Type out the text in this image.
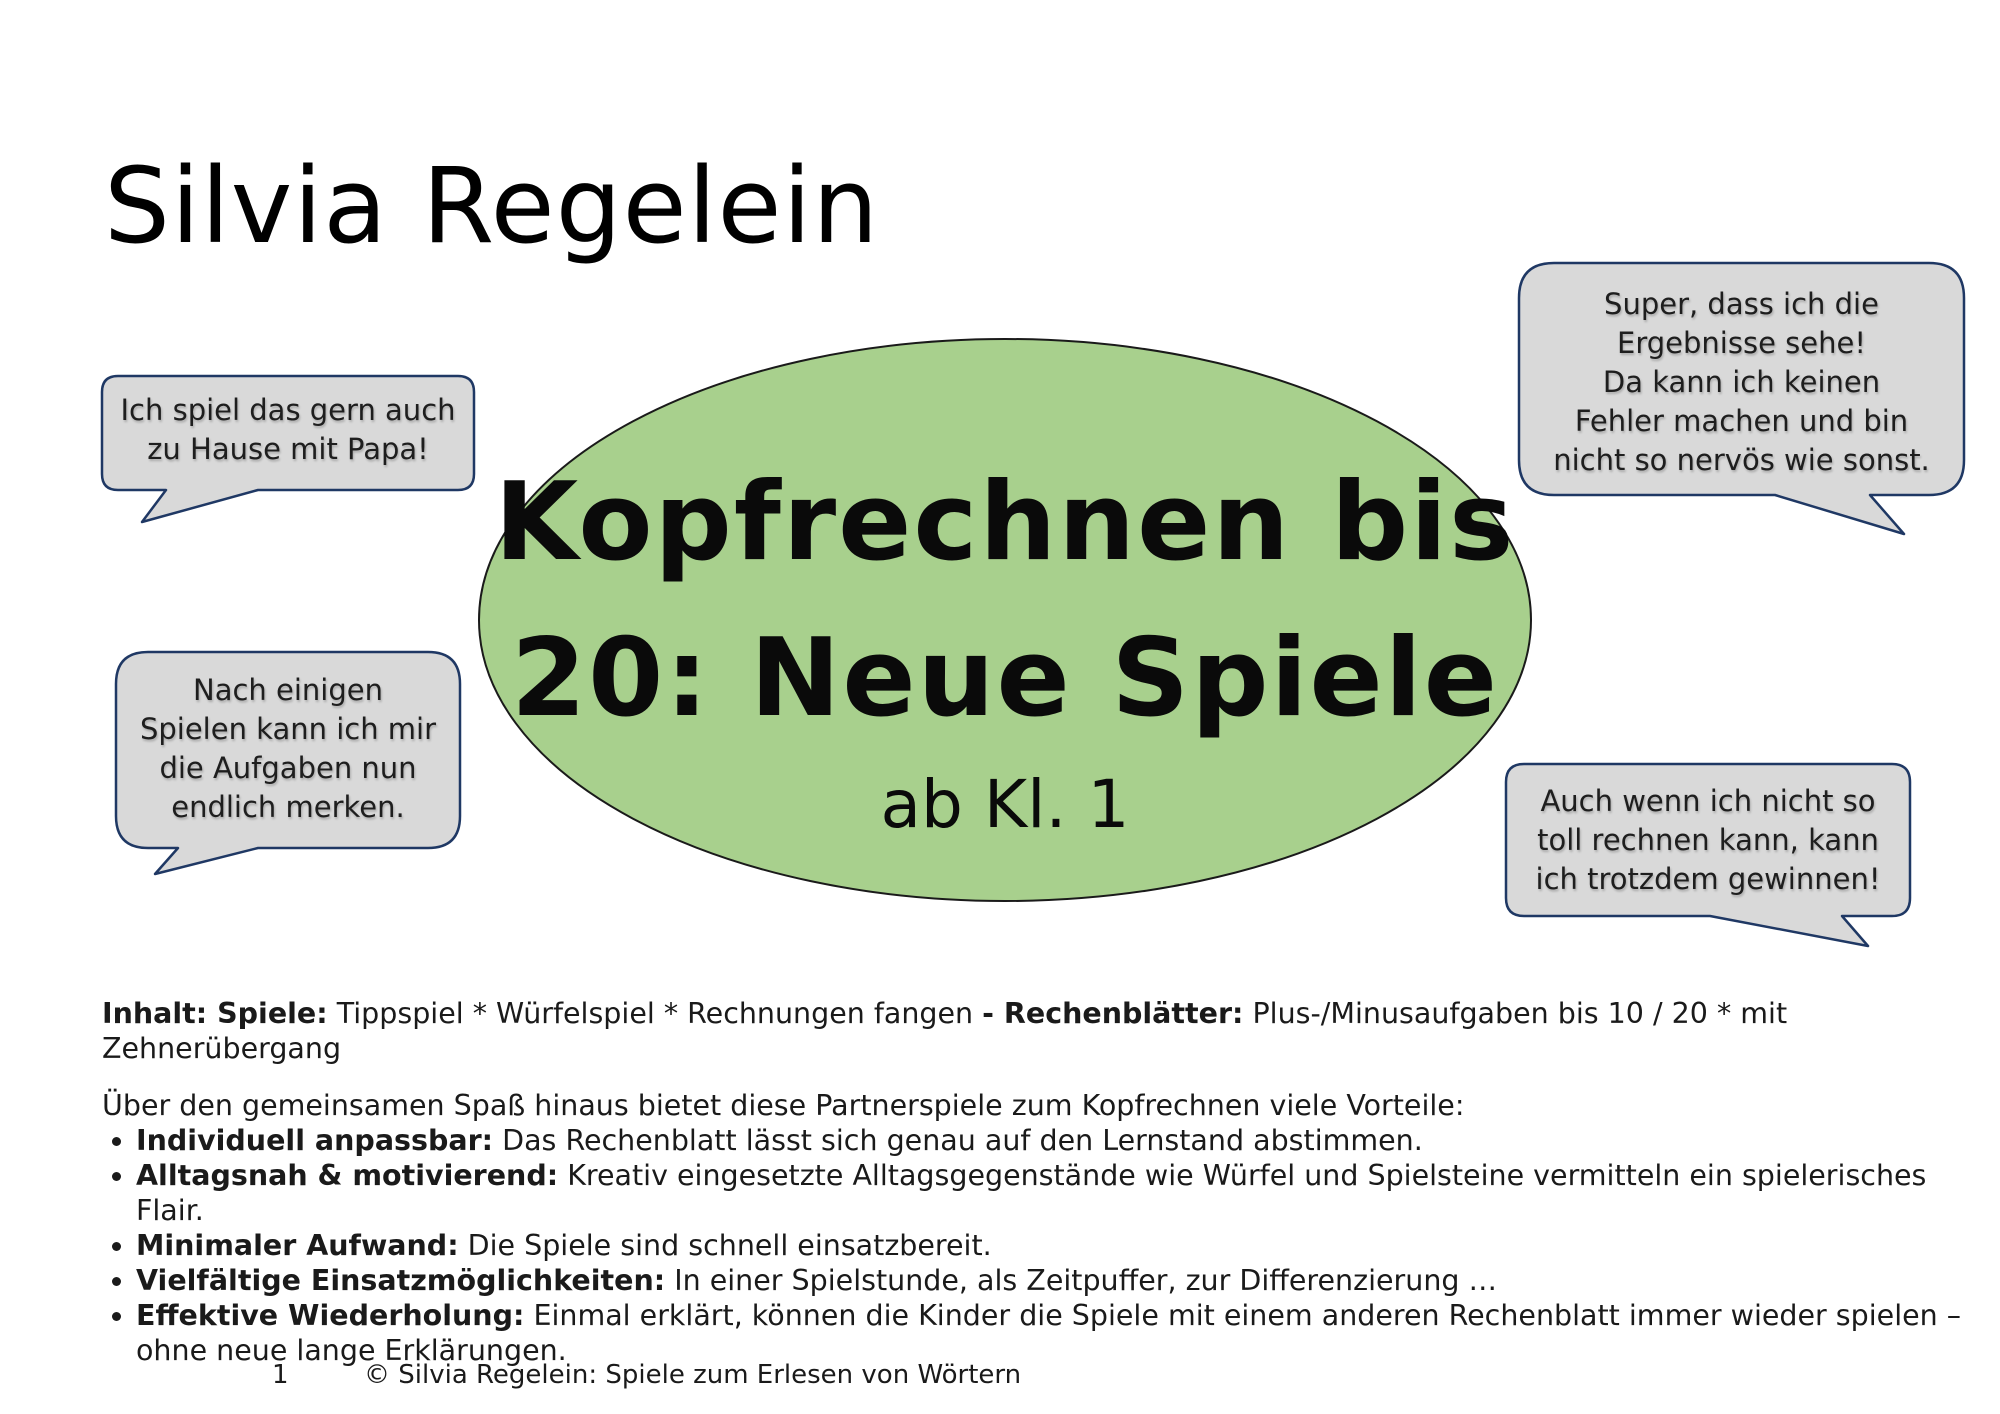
Silvia Regelein
Ich spiel das gern auch
zu Hause mit Papa!
Nach einigen
Spielen kann ich mir
die Aufgaben nun
endlich merken.
Super, dass ich die
Ergebnisse sehe!
Da kann ich keinen
Fehler machen und bin
nicht so nervös wie sonst.
Auch wenn ich nicht so
toll rechnen kann, kann
ich trotzdem gewinnen!
Kopfrechnen bis
20: Neue Spiele
ab Kl. 1

Inhalt: Spiele: Tippspiel * Würfelspiel * Rechnungen fangen - Rechenblätter: Plus-/Minusaufgaben bis 10 / 20 * mit Zehnerübergang

Über den gemeinsamen Spaß hinaus bietet diese Partnerspiele zum Kopfrechnen viele Vorteile:

• Individuell anpassbar: Das Rechenblatt lässt sich genau auf den Lernstand abstimmen.
• Alltagsnah & motivierend: Kreativ eingesetzte Alltagsgegenstände wie Würfel und Spielsteine vermitteln ein spielerisches Flair.
• Minimaler Aufwand: Die Spiele sind schnell einsatzbereit.
• Vielfältige Einsatzmöglichkeiten: In einer Spielstunde, als Zeitpuffer, zur Differenzierung …
• Effektive Wiederholung: Einmal erklärt, können die Kinder die Spiele mit einem anderen Rechenblatt immer wieder spielen – ohne neue lange Erklärungen.
1	© Silvia Regelein: Spiele zum Erlesen von Wörtern
